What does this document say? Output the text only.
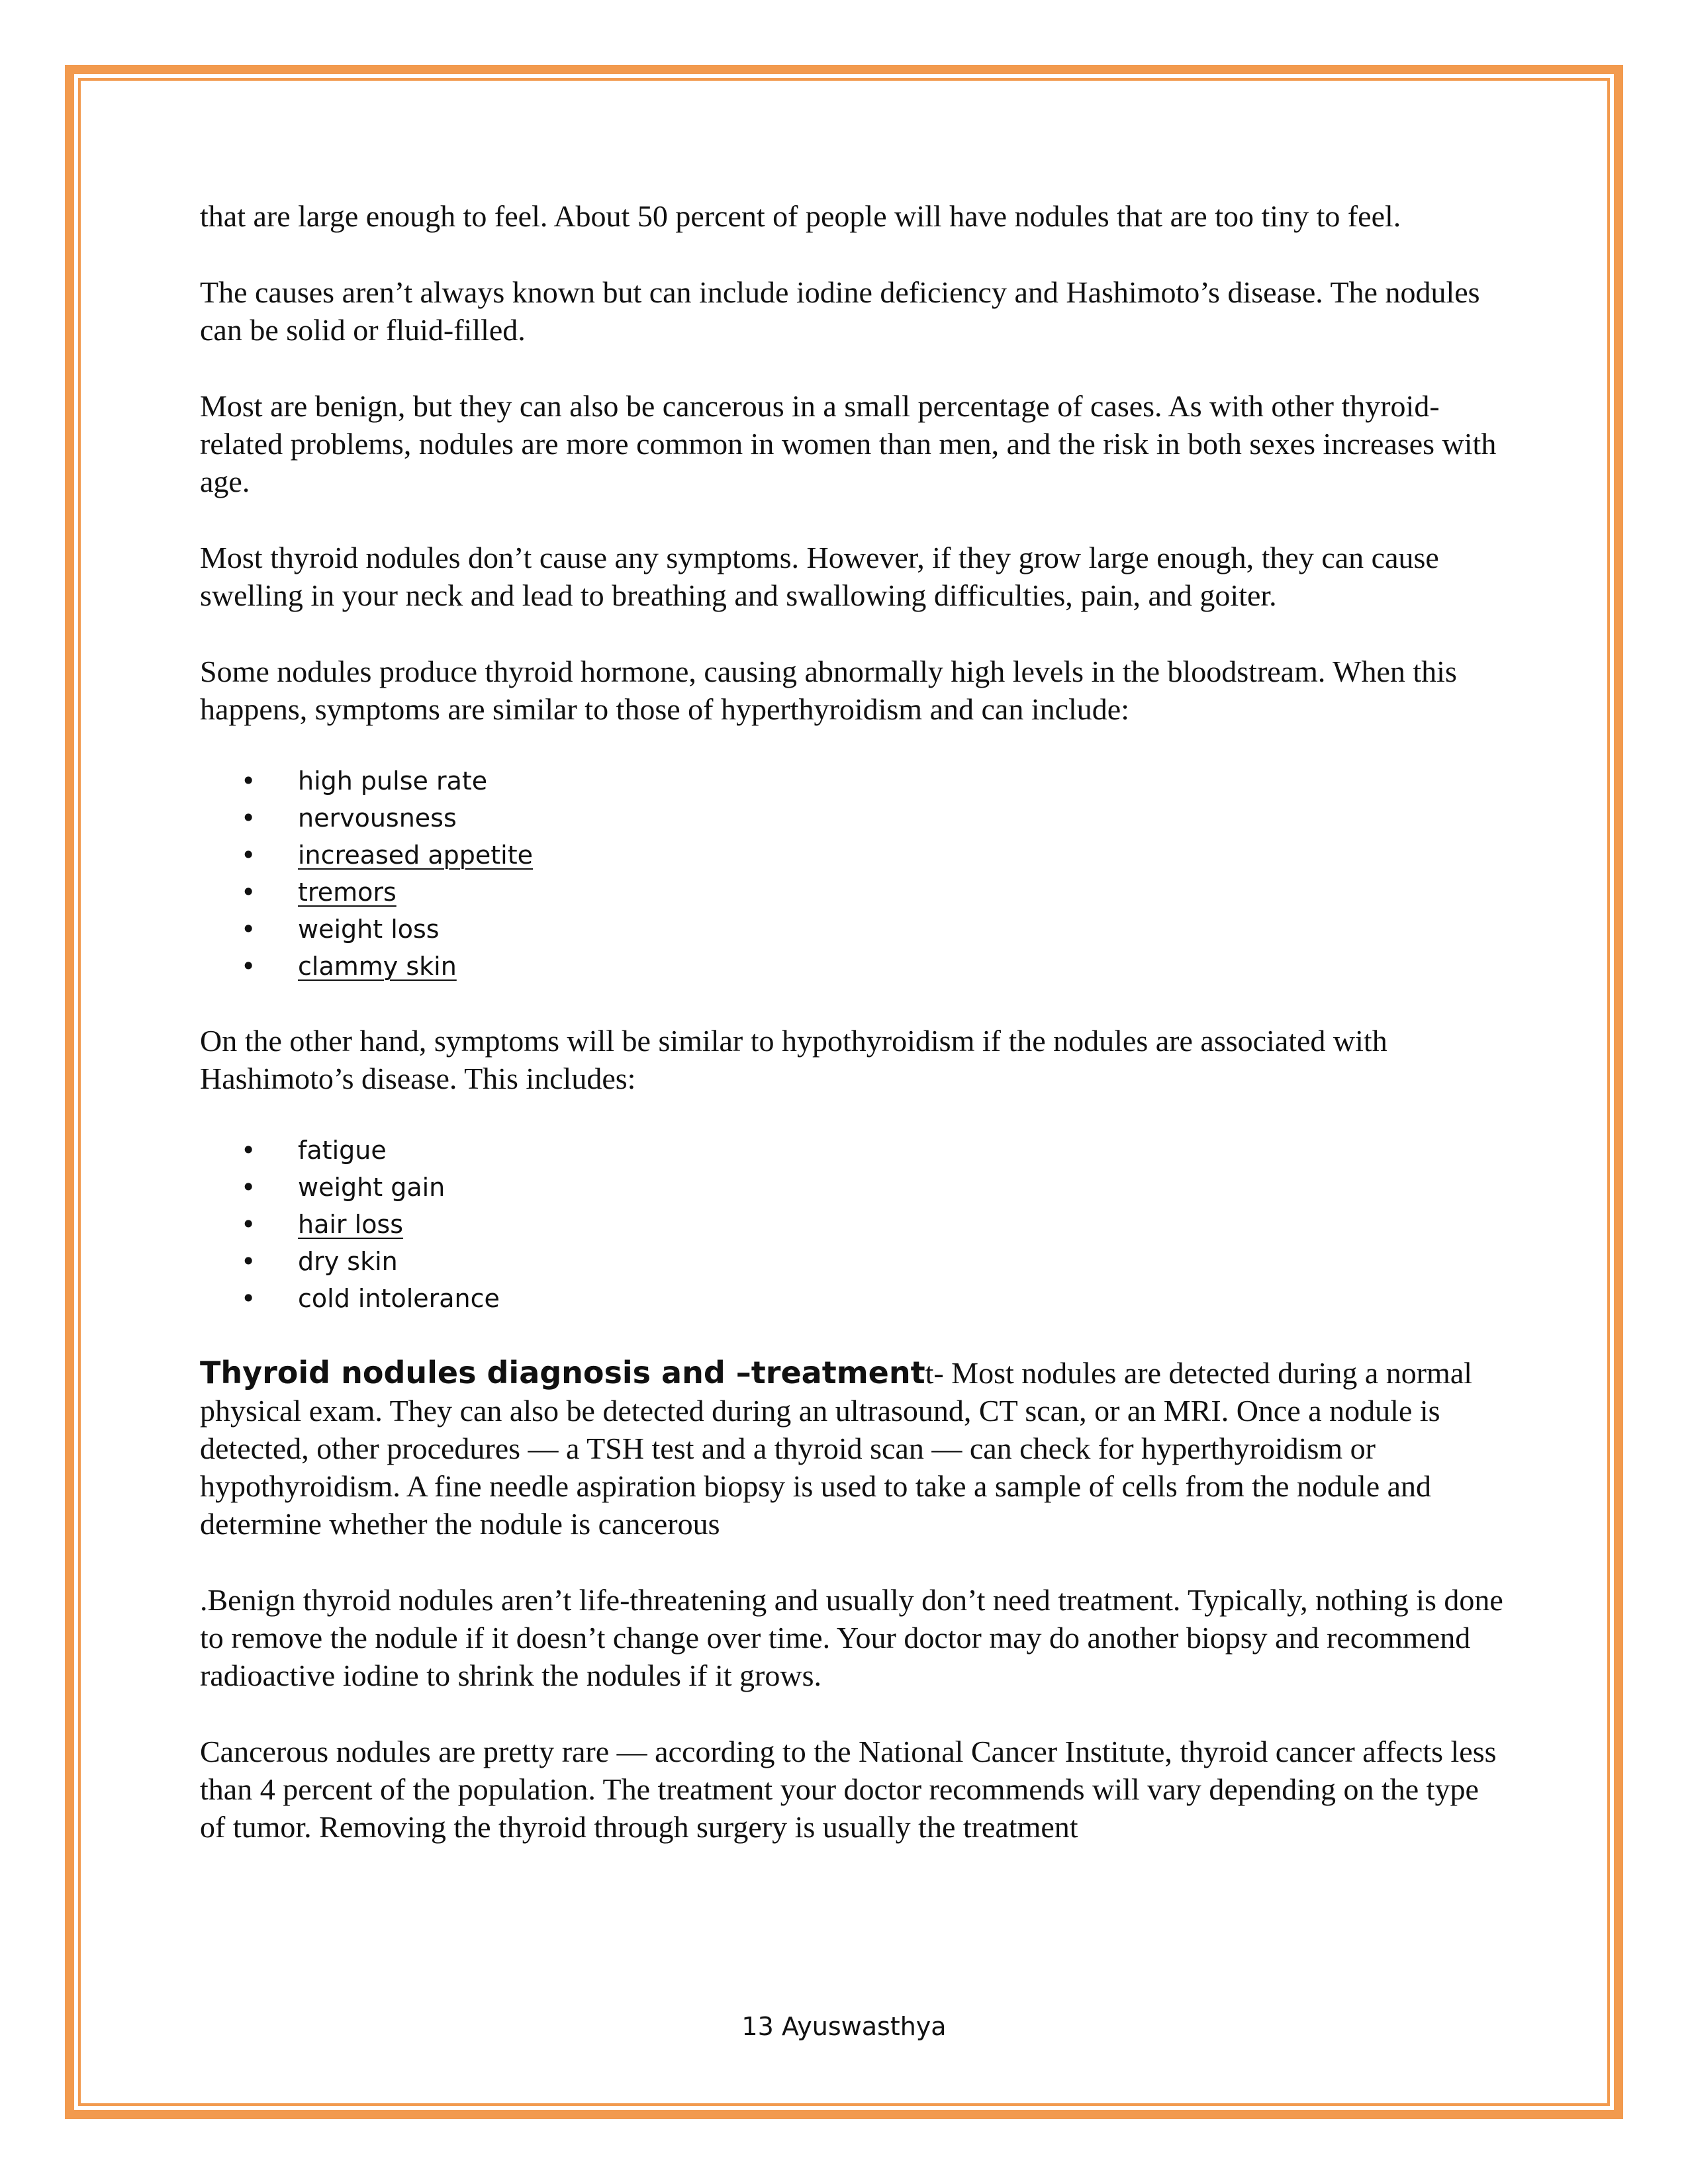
that are large enough to feel. About 50 percent of people will have nodules that are too tiny to feel.

The causes aren’t always known but can include iodine deficiency and Hashimoto’s disease. The nodules can be solid or fluid-filled.

Most are benign, but they can also be cancerous in a small percentage of cases. As with other thyroid-related problems, nodules are more common in women than men, and the risk in both sexes increases with age.

Most thyroid nodules don’t cause any symptoms. However, if they grow large enough, they can cause swelling in your neck and lead to breathing and swallowing difficulties, pain, and goiter.

Some nodules produce thyroid hormone, causing abnormally high levels in the bloodstream. When this happens, symptoms are similar to those of hyperthyroidism and can include:

• high pulse rate
• nervousness
• increased appetite
• tremors
• weight loss
• clammy skin

On the other hand, symptoms will be similar to hypothyroidism if the nodules are associated with Hashimoto’s disease. This includes:

• fatigue
• weight gain
• hair loss
• dry skin
• cold intolerance

Thyroid nodules diagnosis and –treatmentt- Most nodules are detected during a normal physical exam. They can also be detected during an ultrasound, CT scan, or an MRI. Once a nodule is detected, other procedures — a TSH test and a thyroid scan — can check for hyperthyroidism or hypothyroidism. A fine needle aspiration biopsy is used to take a sample of cells from the nodule and determine whether the nodule is cancerous

.Benign thyroid nodules aren’t life-threatening and usually don’t need treatment. Typically, nothing is done to remove the nodule if it doesn’t change over time. Your doctor may do another biopsy and recommend radioactive iodine to shrink the nodules if it grows.

Cancerous nodules are pretty rare — according to the National Cancer Institute, thyroid cancer affects less than 4 percent of the population. The treatment your doctor recommends will vary depending on the type of tumor. Removing the thyroid through surgery is usually the treatment

13 Ayuswasthya
